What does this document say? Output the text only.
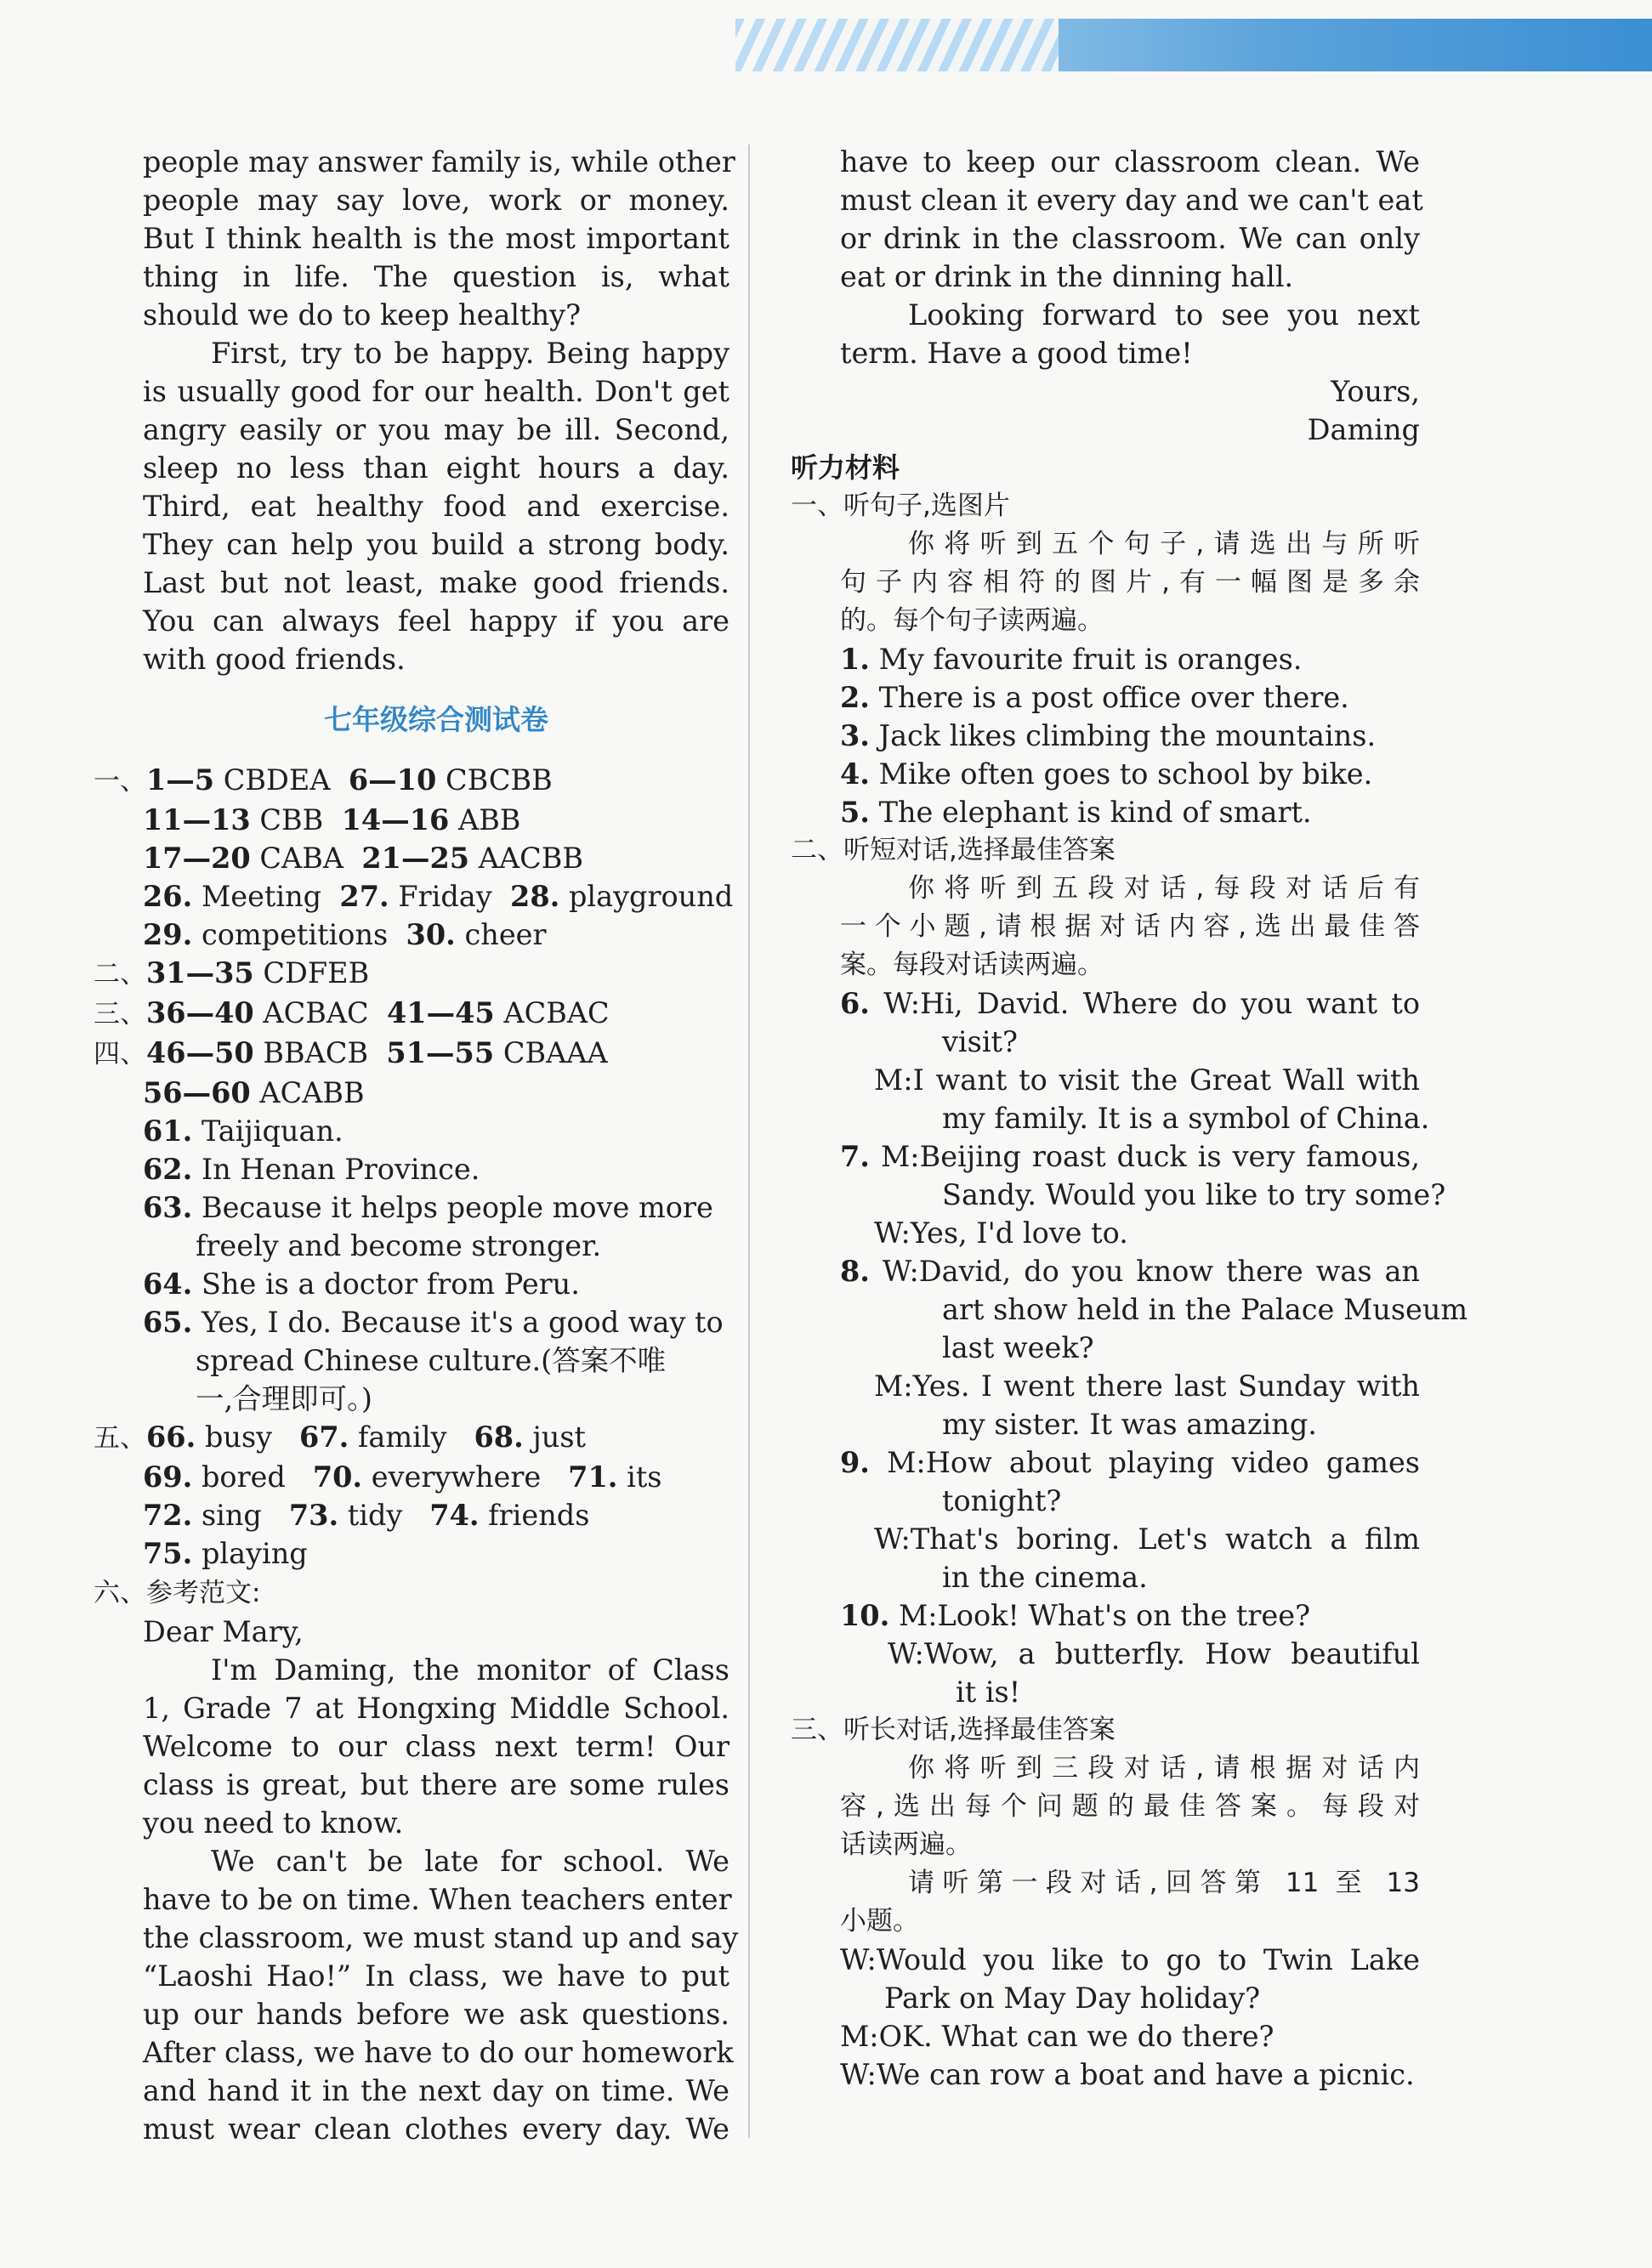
people may answer family is, while other
people may say love, work or money.
But I think health is the most important
thing in life. The question is, what
should we do to keep healthy?
First, try to be happy. Being happy
is usually good for our health. Don't get
angry easily or you may be ill. Second,
sleep no less than eight hours a day.
Third, eat healthy food and exercise.
They can help you build a strong body.
Last but not least, make good friends.
You can always feel happy if you are
with good friends.
七年级综合测试卷
一、1—5 CBDEA 6—10 CBCBB
11—13 CBB 14—16 ABB
17—20 CABA 21—25 AACBB
26. Meeting 27. Friday 28. playground
29. competitions 30. cheer
二、31—35 CDFEB
三、36—40 ACBAC 41—45 ACBAC
四、46—50 BBACB 51—55 CBAAA
56—60 ACABB
61. Taijiquan.
62. In Henan Province.
63. Because it helps people move more
freely and become stronger.
64. She is a doctor from Peru.
65. Yes, I do. Because it's a good way to
spread Chinese culture.(答案不唯
一,合理即可。)
五、66. busy 67. family 68. just
69. bored 70. everywhere 71. its
72. sing 73. tidy 74. friends
75. playing
六、参考范文:
Dear Mary,
I'm Daming, the monitor of Class
1, Grade 7 at Hongxing Middle School.
Welcome to our class next term! Our
class is great, but there are some rules
you need to know.
We can't be late for school. We
have to be on time. When teachers enter
the classroom, we must stand up and say
“Laoshi Hao!” In class, we have to put
up our hands before we ask questions.
After class, we have to do our homework
and hand it in the next day on time. We
must wear clean clothes every day. We
have to keep our classroom clean. We
must clean it every day and we can't eat
or drink in the classroom. We can only
eat or drink in the dinning hall.
Looking forward to see you next
term. Have a good time!
Yours,
Daming
听力材料
一、听句子,选图片
你将听到五个句子,请选出与所听
句子内容相符的图片,有一幅图是多余
的。每个句子读两遍。
1. My favourite fruit is oranges.
2. There is a post office over there.
3. Jack likes climbing the mountains.
4. Mike often goes to school by bike.
5. The elephant is kind of smart.
二、听短对话,选择最佳答案
你将听到五段对话,每段对话后有
一个小题,请根据对话内容,选出最佳答
案。每段对话读两遍。
6. W:Hi, David. Where do you want to
visit?
M:I want to visit the Great Wall with
my family. It is a symbol of China.
7. M:Beijing roast duck is very famous,
Sandy. Would you like to try some?
W:Yes, I'd love to.
8. W:David, do you know there was an
art show held in the Palace Museum
last week?
M:Yes. I went there last Sunday with
my sister. It was amazing.
9. M:How about playing video games
tonight?
W:That's boring. Let's watch a film
in the cinema.
10. M:Look! What's on the tree?
W:Wow, a butterfly. How beautiful
it is!
三、听长对话,选择最佳答案
你将听到三段对话,请根据对话内
容,选出每个问题的最佳答案。每段对
话读两遍。
请听第一段对话,回答第 11 至 13
小题。
W:Would you like to go to Twin Lake
Park on May Day holiday?
M:OK. What can we do there?
W:We can row a boat and have a picnic.
